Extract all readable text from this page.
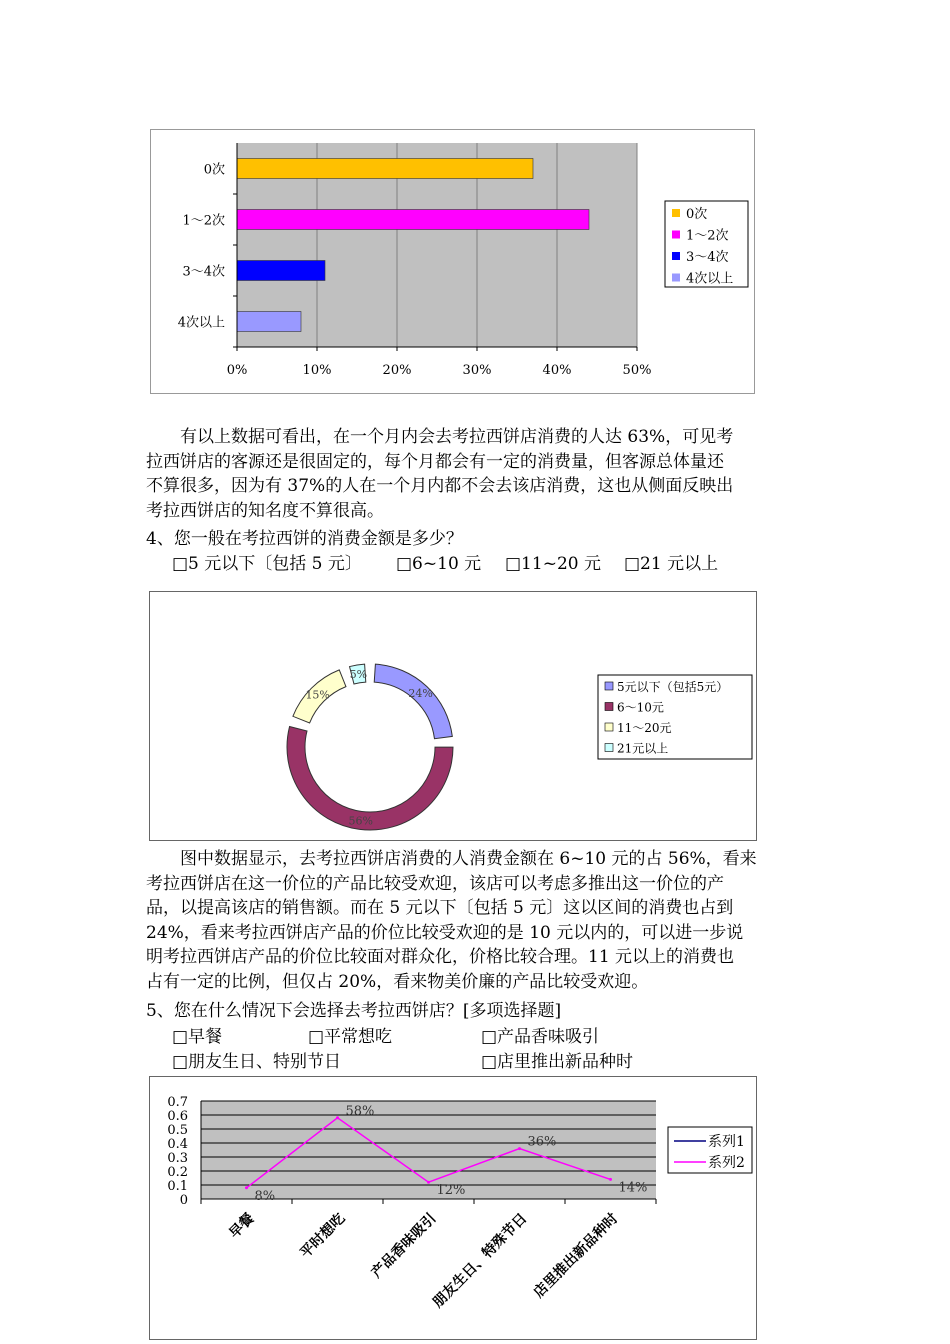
0次
1～2次
3～4次
4次以上
0%	10%	20%	30%	40%	50%
0次
1～2次
3～4次
4次以上
有以上数据可看出，在一个月内会去考拉西饼店消费的人达 63%，可见考
拉西饼店的客源还是很固定的，每个月都会有一定的消费量，但客源总体量还
不算很多，因为有 37%的人在一个月内都不会去该店消费，这也从侧面反映出
考拉西饼店的知名度不算很高。
4、您一般在考拉西饼的消费金额是多少？
□5 元以下〔包括 5 元〕 □6~10 元 □11~20 元 □21 元以上
24%
56%
15%
5%
5元以下（包括5元）
6～10元
11～20元
21元以上
图中数据显示，去考拉西饼店消费的人消费金额在 6~10 元的占 56%，看来
考拉西饼店在这一价位的产品比较受欢迎，该店可以考虑多推出这一价位的产
品，以提高该店的销售额。而在 5 元以下〔包括 5 元〕这以区间的消费也占到
24%，看来考拉西饼店产品的价位比较受欢迎的是 10 元以内的，可以进一步说
明考拉西饼店产品的价位比较面对群众化，价格比较合理。11 元以上的消费也
占有一定的比例，但仅占 20%，看来物美价廉的产品比较受欢迎。
5、您在什么情况下会选择去考拉西饼店？[多项选择题]
□早餐	□平常想吃	□产品香味吸引
□朋友生日、特别节日	□店里推出新品种时
0.7
0.6
0.5
0.4
0.3
0.2
0.1
0	8%
58%
12%
36%
14%
早餐	平时想吃 产品香味吸引
朋友生日、特殊节日 店里推出新品种时
系列1
系列2
